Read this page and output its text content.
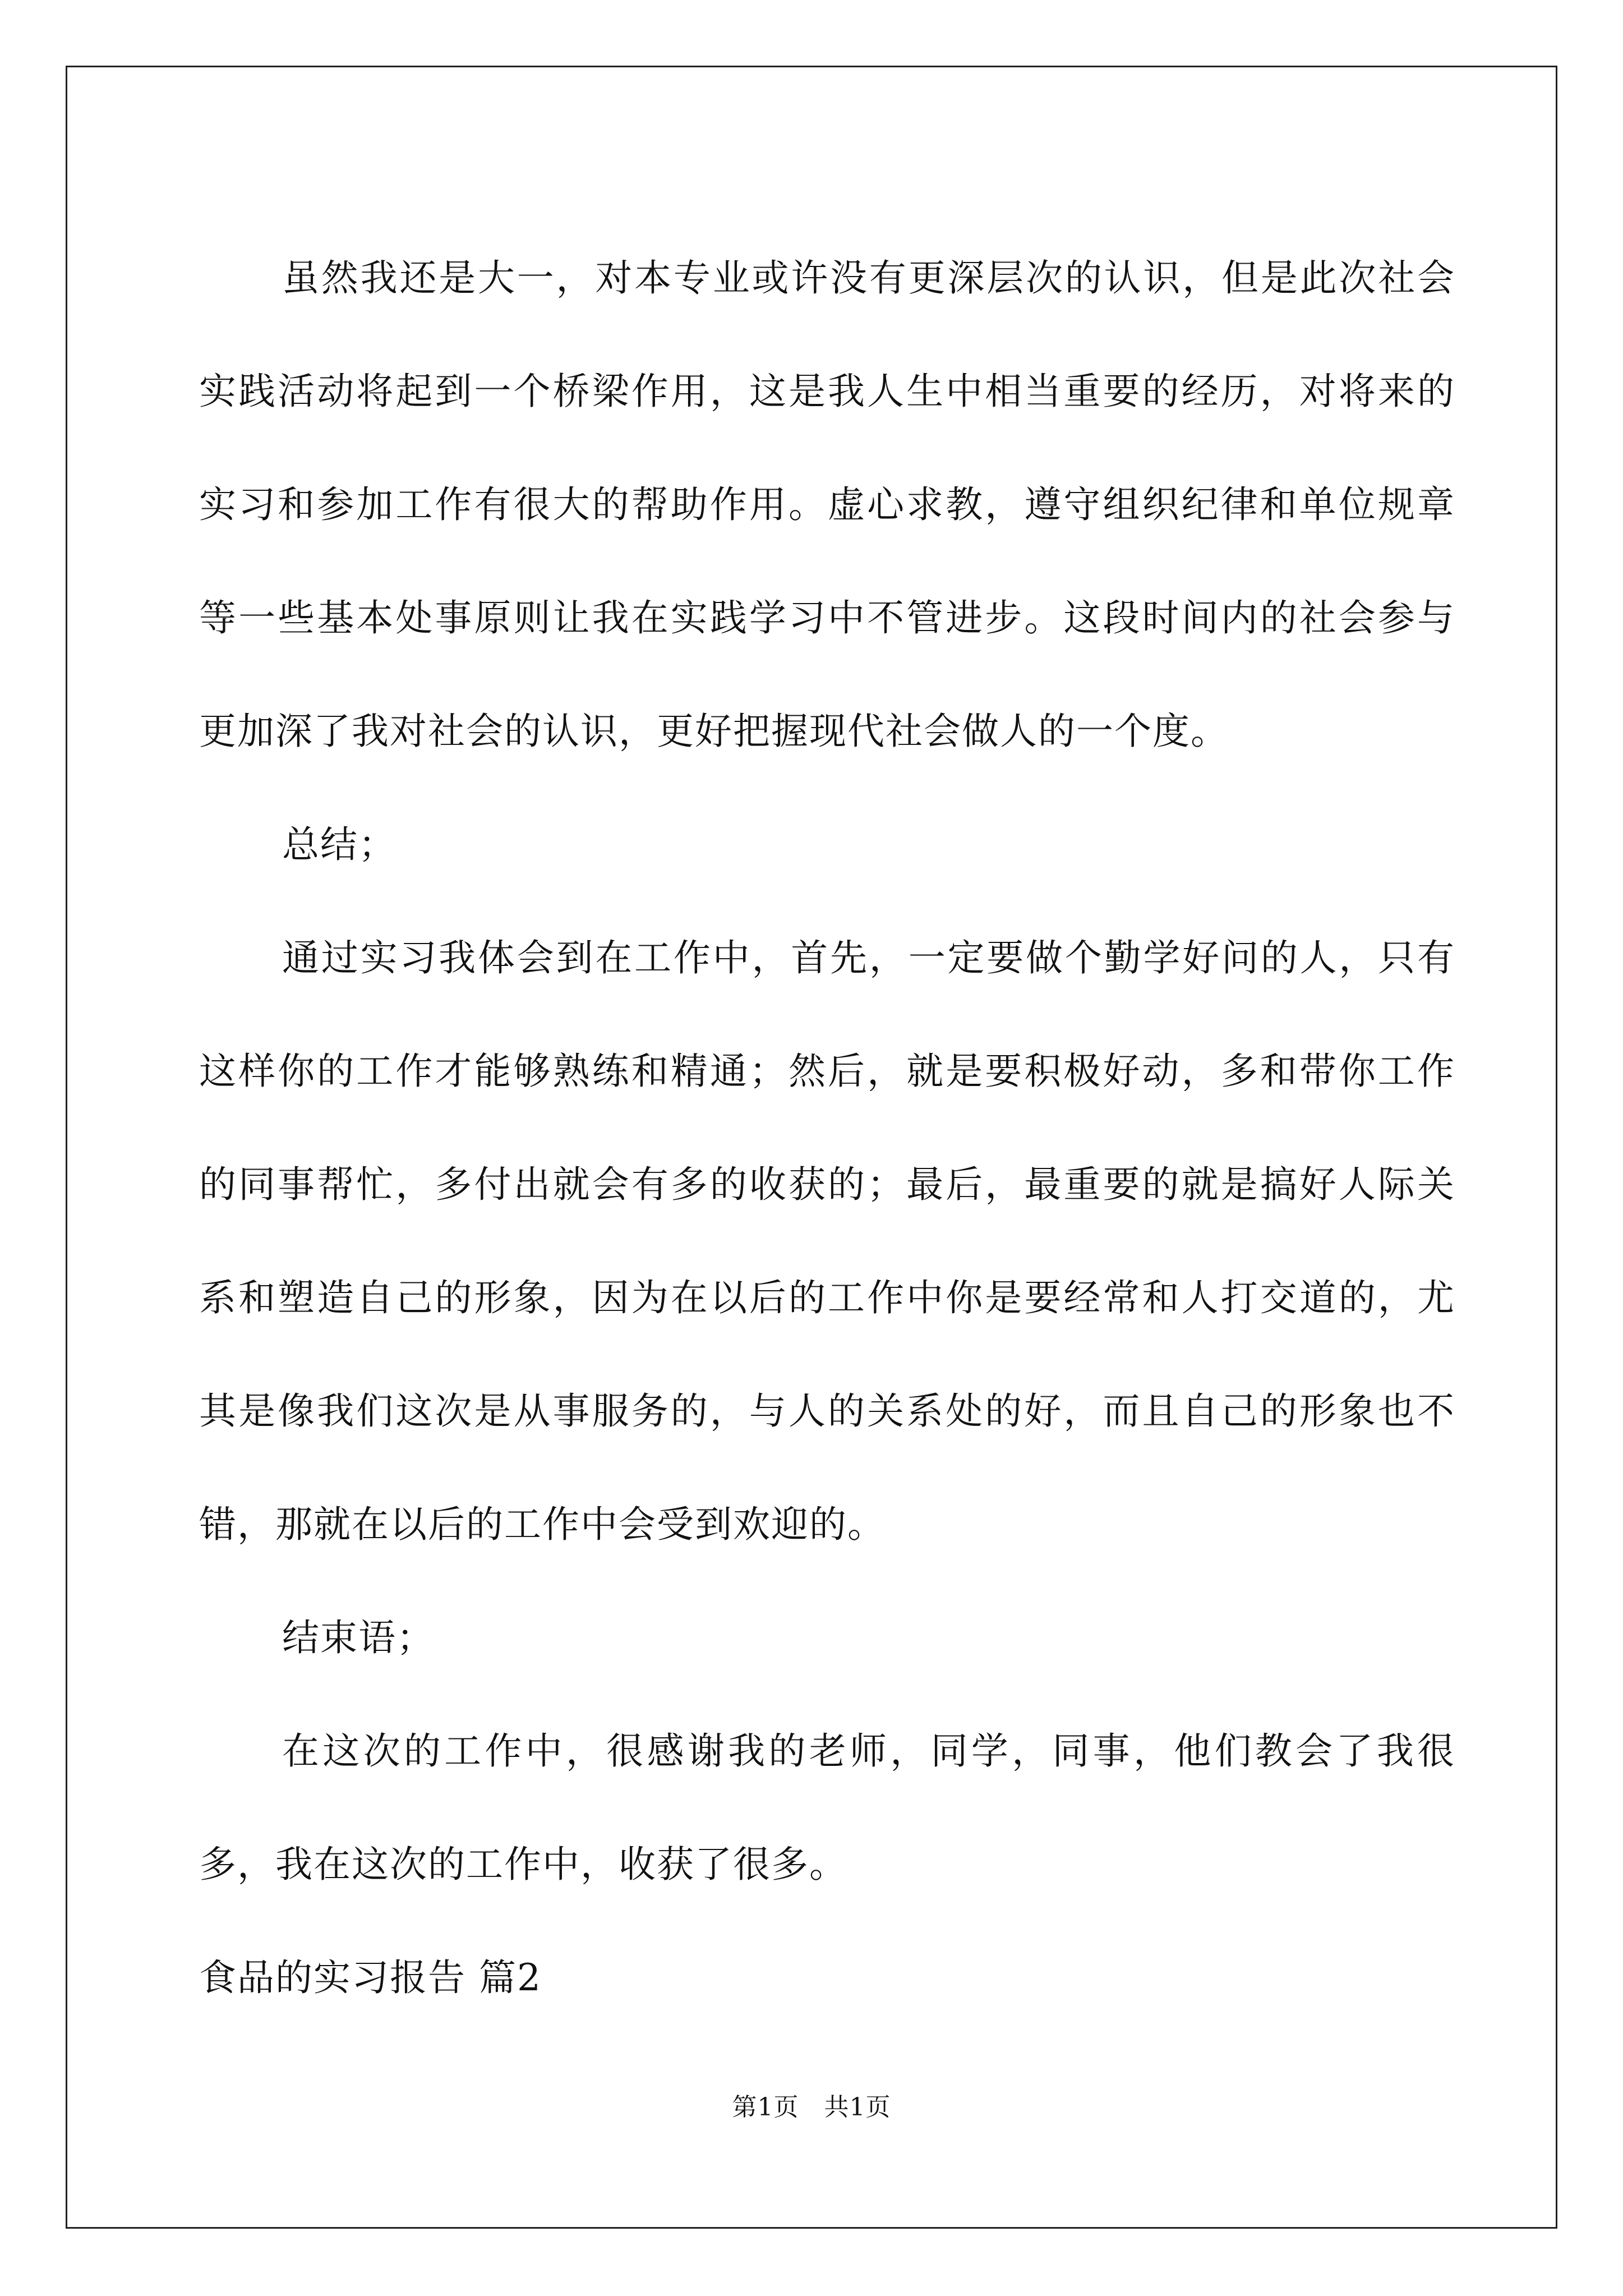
虽然我还是大一，对本专业或许没有更深层次的认识，但是此次社会实践活动将起到一个桥梁作用，这是我人生中相当重要的经历，对将来的实习和参加工作有很大的帮助作用。虚心求教，遵守组织纪律和单位规章等一些基本处事原则让我在实践学习中不管进步。这段时间内的社会参与更加深了我对社会的认识，更好把握现代社会做人的一个度。

总结；

通过实习我体会到在工作中，首先，一定要做个勤学好问的人，只有这样你的工作才能够熟练和精通；然后，就是要积极好动，多和带你工作的同事帮忙，多付出就会有多的收获的；最后，最重要的就是搞好人际关系和塑造自己的形象，因为在以后的工作中你是要经常和人打交道的，尤其是像我们这次是从事服务的，与人的关系处的好，而且自己的形象也不错，那就在以后的工作中会受到欢迎的。

结束语；

在这次的工作中，很感谢我的老师，同学，同事，他们教会了我很多，我在这次的工作中，收获了很多。

食品的实习报告 篇2

第1页　共1页
